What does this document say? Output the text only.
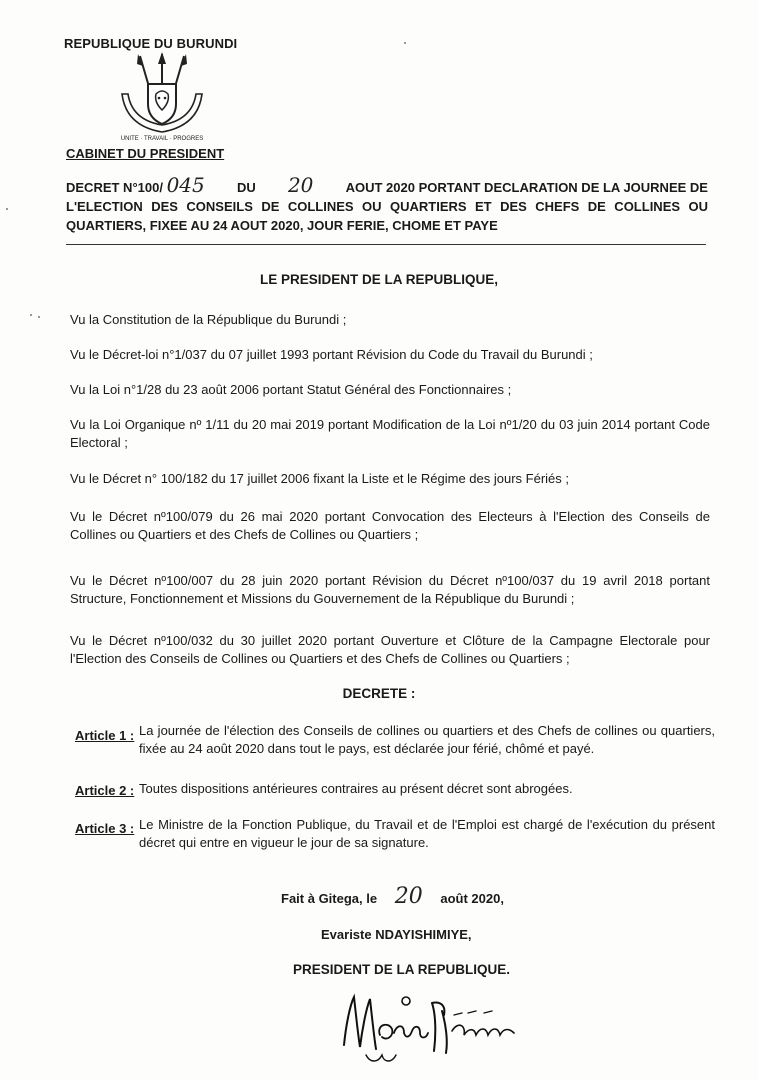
REPUBLIQUE DU BURUNDI
UNITE · TRAVAIL · PROGRES
CABINET DU PRESIDENT
DECRET N°100/ 045 DU 20 AOUT 2020 PORTANT DECLARATION DE LA JOURNEE DE
L'ELECTION DES CONSEILS DE COLLINES OU QUARTIERS ET DES CHEFS DE COLLINES OU
QUARTIERS, FIXEE AU 24 AOUT 2020, JOUR FERIE, CHOME ET PAYE
LE PRESIDENT DE LA REPUBLIQUE,
Vu la Constitution de la République du Burundi ;
Vu le Décret-loi n°1/037 du 07 juillet 1993 portant Révision du Code du Travail du Burundi ;
Vu la Loi n°1/28 du 23 août 2006 portant Statut Général des Fonctionnaires ;
Vu la Loi Organique nº 1/11 du 20 mai 2019 portant Modification de la Loi nº1/20 du 03 juin 2014 portant Code Electoral ;
Vu le Décret n° 100/182 du 17 juillet 2006 fixant la Liste et le Régime des jours Fériés ;
Vu le Décret nº100/079 du 26 mai 2020 portant Convocation des Electeurs à l'Election des Conseils de Collines ou Quartiers et des Chefs de Collines ou Quartiers ;
Vu le Décret nº100/007 du 28 juin 2020 portant Révision du Décret nº100/037 du 19 avril 2018 portant Structure, Fonctionnement et Missions du Gouvernement de la République du Burundi ;
Vu le Décret nº100/032 du 30 juillet 2020 portant Ouverture et Clôture de la Campagne Electorale pour l'Election des Conseils de Collines ou Quartiers et des Chefs de Collines ou Quartiers ;
DECRETE :
Article 1 : La journée de l'élection des Conseils de collines ou quartiers et des Chefs de collines ou quartiers, fixée au 24 août 2020 dans tout le pays, est déclarée jour férié, chômé et payé.
Article 2 : Toutes dispositions antérieures contraires au présent décret sont abrogées.
Article 3 : Le Ministre de la Fonction Publique, du Travail et de l'Emploi est chargé de l'exécution du présent décret qui entre en vigueur le jour de sa signature.
Fait à Gitega, le 20 août 2020,
Evariste NDAYISHIMIYE,
PRESIDENT DE LA REPUBLIQUE.
